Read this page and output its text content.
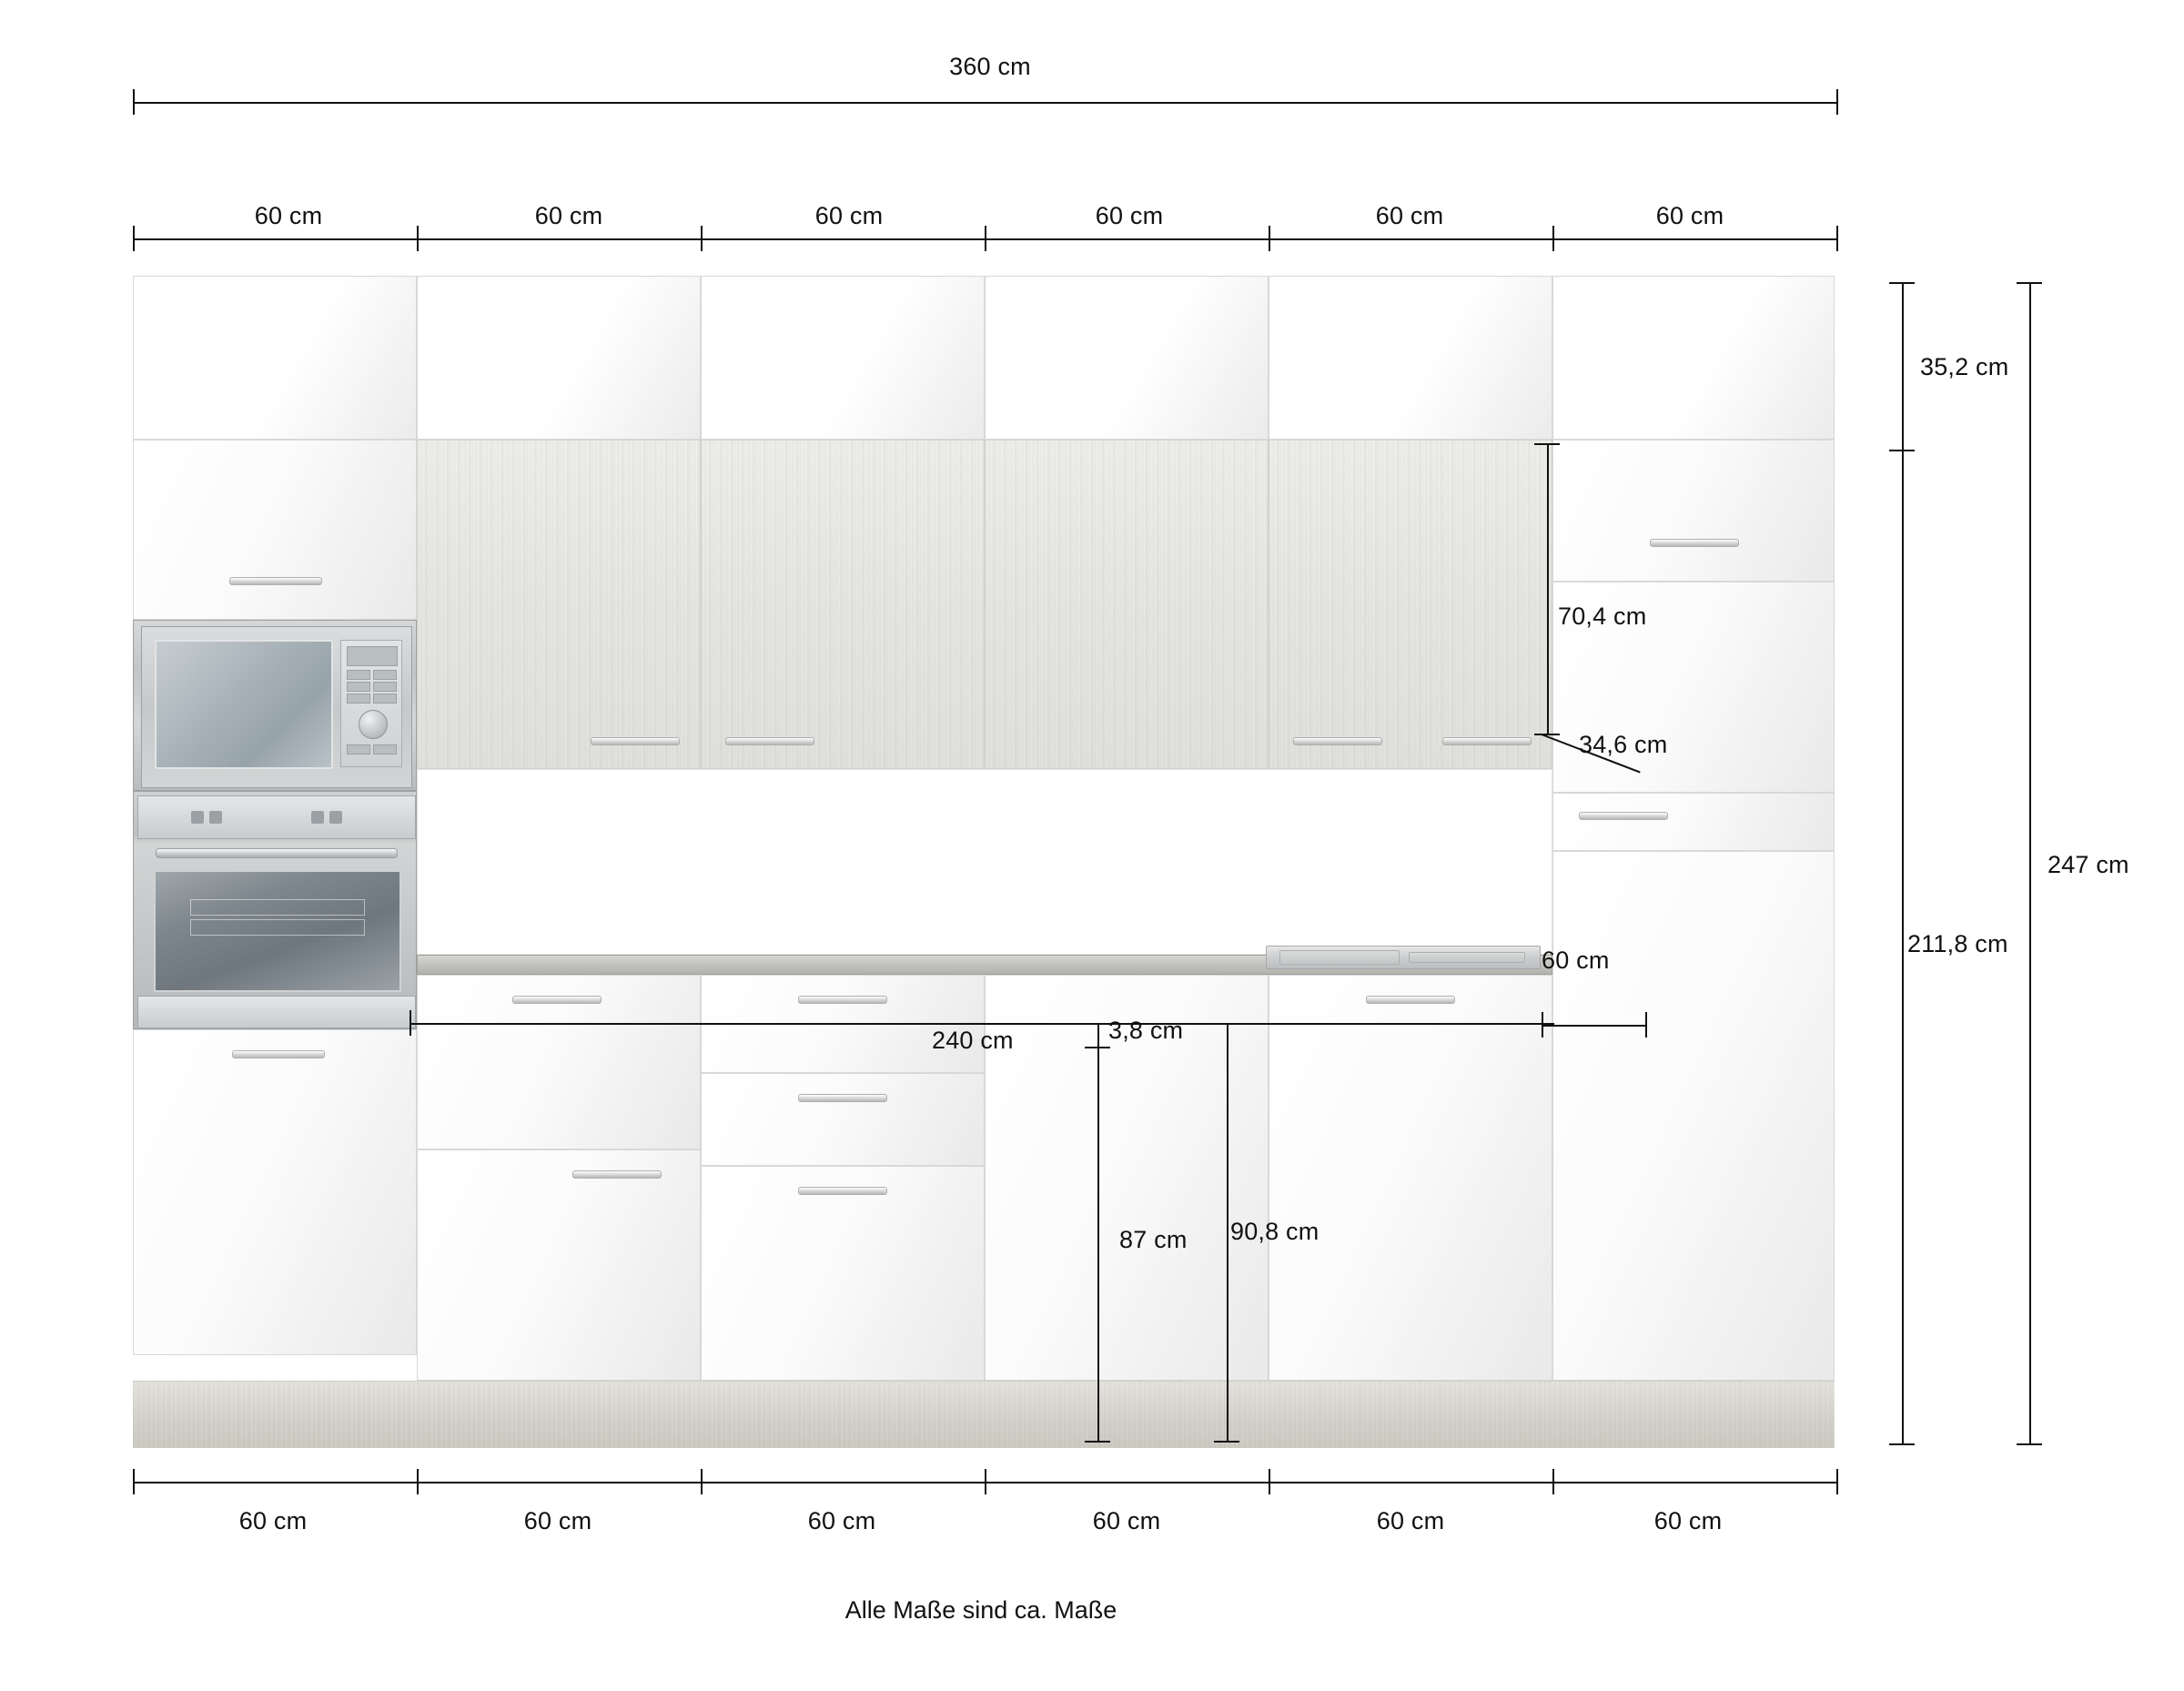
360 cm
60 cm	60 cm	60 cm	60 cm	60 cm	60 cm
35,2 cm
211,8 cm
247 cm
70,4 cm
34,6 cm
60 cm
240 cm	3,8 cm
87 cm 90,8 cm
60 cm	60 cm	60 cm	60 cm	60 cm	60 cm
Alle Maße sind ca. Maße
